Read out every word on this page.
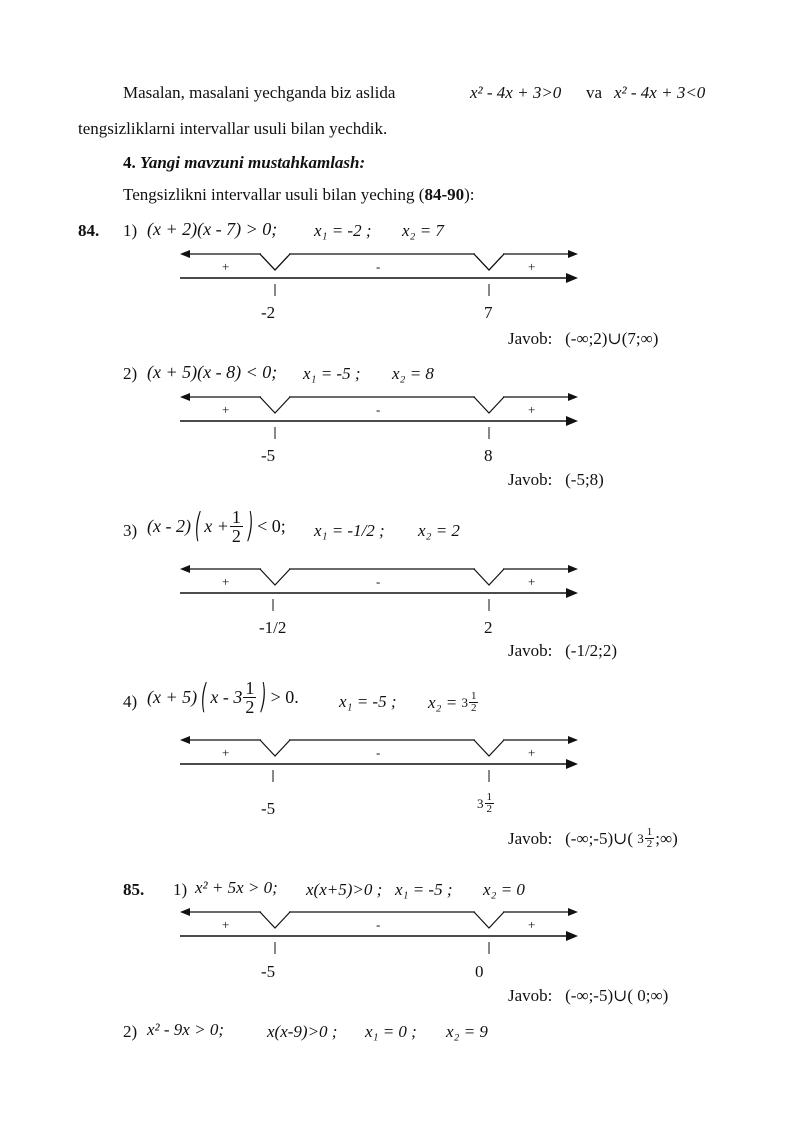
Masalan, masalani yechganda biz aslida	x² - 4x + 3>0 va x² - 4x + 3<0
tengsizliklarni intervallar usuli bilan yechdik.
4. Yangi mavzuni mustahkamlash:
Tengsizlikni intervallar usuli bilan yeching (84-90):
84. 1) (x + 2)(x - 7) > 0; x₁ = -2 ; x₂ = 7
+	-	+
-2	7
Javob: (-∞;2)∪(7;∞)
2) (x + 5)(x - 8) < 0; x₁ = -5 ; x₂ = 8
+	-	+
-5	8
Javob: (-5;8)
3) (x - 2) ( $x + \frac{1}{2}$ ) < 0; x₁ = -1/2 ; x₂ = 2
+	-	+
-1/2	2
Javob: (-1/2;2)
4) (x + 5) ( x - $3 \frac{1}{2}$ ) > 0. x₁ = -5 ; x₂ =
$3 \frac{1}{2}$
+	-	+
-5	$3 \frac{1}{2}$
Javob:
(-∞;-5)∪(
$3 \frac{1}{2}$ ;∞)
85. 1) x² + 5x > 0; x(x+5)>0 ; x₁ = -5 ; x₂ = 0
+	-	+
-5	0
Javob: (-∞;-5)∪( 0;∞)
2) x² - 9x > 0;	x(x-9)>0 ; x₁ = 0 ; x₂ = 9
